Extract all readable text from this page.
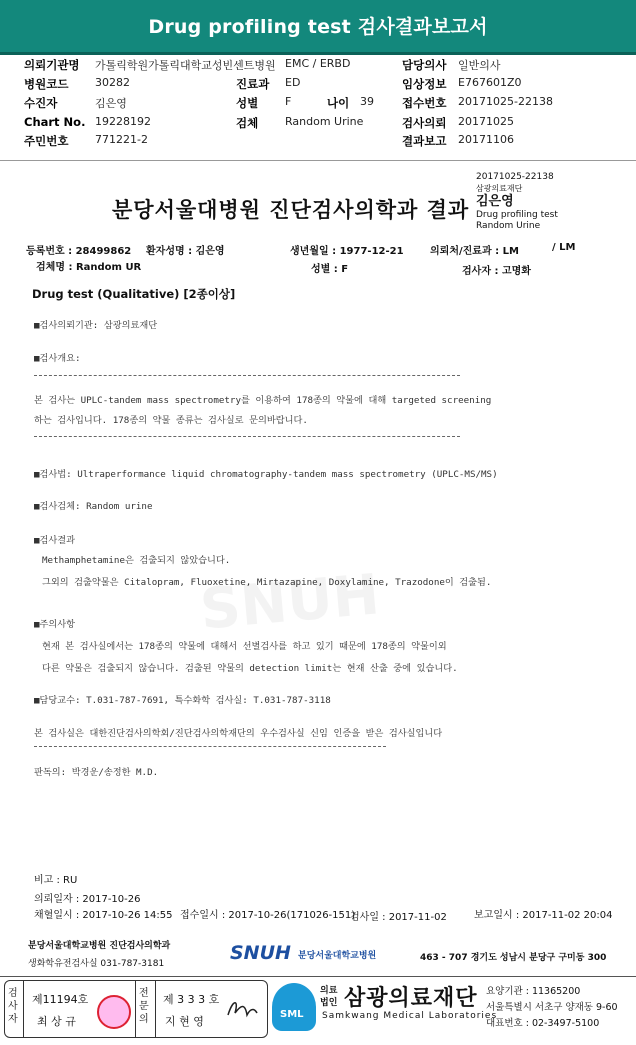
Drug profiling test 검사결과보고서
의뢰기관명 가톨릭학원가톨릭대학교성빈센트병원 EMC / ERBD	담당의사 일반의사
병원코드 30282	진료과 ED	임상정보 E767601Z0
수진자	김은영	성별 F	나이 39 접수번호 20171025-22138
Chart No. 19228192	검체 Random Urine	검사의뢰 20171025
주민번호 771221-2	결과보고 20171106
분당서울대병원 진단검사의학과 결과
20171025-22138
삼광의료재단
김은영
Drug profiling test
Random Urine
등록번호 : 28499862 환자성명 : 김은영	생년월일 : 1977-12-21	의뢰처/진료과 : LM	/ LM
검체명 : Random UR	성별 : F	검사자 : 고명화
Drug test (Qualitative) [2종이상]
■검사의뢰기관: 삼광의료재단
■검사개요:
본 검사는 UPLC-tandem mass spectrometry를 이용하여 178종의 약물에 대해 targeted screening
하는 검사입니다. 178종의 약물 종류는 검사실로 문의바랍니다.
■검사법: Ultraperformance liquid chromatography-tandem mass spectrometry (UPLC-MS/MS)
■검사검체: Random urine
■검사결과
Methamphetamine은 검출되지 않았습니다.
그외의 검출약물은 Citalopram, Fluoxetine, Mirtazapine, Doxylamine, Trazodone이 검출됨.
■주의사항
현재 본 검사실에서는 178종의 약물에 대해서 선별검사를 하고 있기 때문에 178종의 약물이외
다른 약물은 검출되지 않습니다. 검출된 약물의 detection limit는 현재 산출 중에 있습니다.
■담당교수: T.031-787-7691, 특수화학 검사실: T.031-787-3118
본 검사실은 대한진단검사의학회/진단검사의학재단의 우수검사실 신임 인증을 받은 검사실입니다
판독의: 박경운/송정한 M.D.
비고 : RU
의뢰일자 : 2017-10-26
채혈일시 : 2017-10-26 14:55 접수일시 : 2017-10-26(171026-151)
검사일 : 2017-11-02	보고일시 : 2017-11-02 20:04
분당서울대학교병원 진단검사의학과
생화학유전검사실 031-787-3181	SNUH 분당서울대학교병원	463 - 707 경기도 성남시 분당구 구미동 300
검사자
제11194호
최 상 규
전문의
제 3 3 3 호
지 현 영
SML
의료법인 삼광의료재단
Samkwang Medical Laboratories
요양기관 : 11365200
서울특별시 서초구 양재동 9-60
대표번호 : 02-3497-5100
